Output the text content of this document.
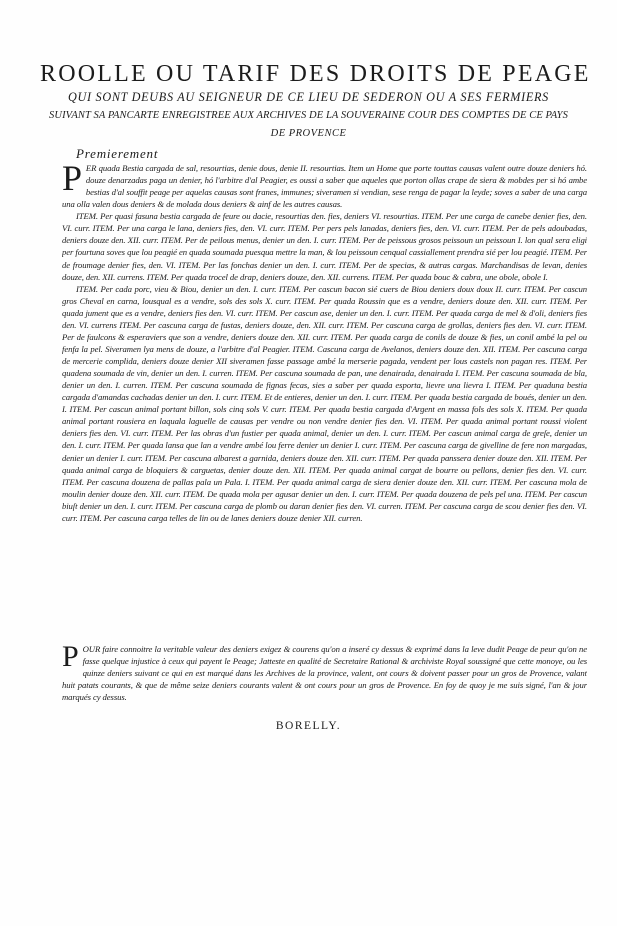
ROOLLE OU TARIF DES DROITS DE PEAGE
QUI SONT DEUBS AU SEIGNEUR DE CE LIEU DE SEDERON OU A SES FERMIERS
SUIVANT SA PANCARTE ENREGISTREE AUX ARCHIVES DE LA SOUVERAINE COUR DES COMPTES DE CE PAYS
DE PROVENCE
Premierement

PER quada Bestia cargada de sal, resourtias, denie dous, denie II. resourtias. Item un Home que porte touttas causas valent outre douze deniers hó. douze denarzadas paga un denier, hó l'arbitre d'al Peagier, es oussi a saber que aqueles que porton ollas crape de siera & mobdes per si hó ambe bestias d'al souffit peage per aquelas causas sont franes, immunes; siveramen si vendian, sese renga de pagar la leyde; soves a saber de una carga una olla valen dous deniers & de molada dous deniers & ainf de les autres causas.

ITEM. Per quasi fasuna bestia cargada de feure ou dacie, resourtias den. fies, deniers VI. resourtias. ITEM. Per une carga de canebe denier fies, den. VI. curr. ITEM. Per una carga le lana, deniers fies, den. VI. curr. ITEM. Per pers pels lanadas, deniers fies, den. VI. curr. ITEM. Per de pels adoubadas, deniers douze den. XII. curr. ITEM. Per de peilous menus, denier un den. I. curr. ITEM. Per de peissous grosos peissoun un peissoun I. lon qual sera eligi per fourtuna soves que lou peagié en quada soumada puesqua mettre la man, & lou peissoun cenqual cassiallement prendra sié per lou peagié. ITEM. Per de froumage denier fies, den. VI. ITEM. Per las fonchas denier un den. I. curr. ITEM. Per de specias, & autras cargas. Marchandisas de levan, denies douze, den. XII. currens. ITEM. Per quada trocel de drap, deniers douze, den. XII. currens. ITEM. Per quada bouc & cabra, une obole, obole I.

ITEM. Per cada porc, vieu & Biou, denier un den. I. curr. ITEM. Per cascun bacon sié cuers de Biou deniers doux doux II. curr. ITEM. Per cascun gros Cheval en carna, lousqual es a vendre, sols des sols X. curr. ITEM. Per quada Roussin que es a vendre, deniers douze den. XII. curr. ITEM. Per quada jument que es a vendre, deniers fies den. VI. curr. ITEM. Per cascun ase, denier un den. I. curr. ITEM. Per quada carga de mel & d'oli, deniers fies den. VI. currens ITEM. Per cascuna carga de fustas, deniers douze, den. XII. curr. ITEM. Per cascuna carga de grollas, deniers fies den. VI. curr. ITEM. Per de faulcons & esperaviers que son a vendre, deniers douze den. XII. curr. ITEM. Per quada carga de conils de douze & fies, un conil ambé la pel ou fenfa la pel. Siveramen lya mens de douze, a l'arbitre d'al Peagier. ITEM. Cascuna carga de Avelanos, deniers douze den. XII. ITEM. Per cascuna carga de mercerie complida, deniers douze denier XII siveramen fasse passage ambé la merserie pagada, vendent per lous castels non pagan res. ITEM. Per quadena soumada de vin, denier un den. I. curren. ITEM. Per cascuna soumada de pan, une denairada, denairada I. ITEM. Per cascuna soumada de bla, denier un den. I. curren. ITEM. Per cascuna soumada de fignas fecas, sies a saber per quada esporta, lievre una lievra I. ITEM. Per quaduna bestia cargada d'amandas cachadas denier un den. I. curr. ITEM. Et de entieres, denier un den. I. curr. ITEM. Per quada bestia cargada de boués, denier un den. I. ITEM. Per cascun animal portant billon, sols cinq sols V. curr. ITEM. Per quada bestia cargada d'Argent en massa fols des sols X. ITEM. Per quada animal portant rousiera en laquala laguelle de causas per vendre ou non vendre denier fies den. VI. ITEM. Per quada animal portant roussi violent deniers fies den. VI. curr. ITEM. Per las obras d'un fustier per quada animal, denier un den. I. curr. ITEM. Per cascun animal carga de greſe, denier un den. I. curr. ITEM. Per quada lansa que lan a vendre ambé lou ferre denier un denier I. curr. ITEM. Per cascuna carga de givelline de fere non margadas, denier un denier I. curr. ITEM. Per cascuna albarest a garnida, deniers douze den. XII. curr. ITEM. Per quada panssera denier douze den. XII. ITEM. Per quada animal carga de bloquiers & carguetas, denier douze den. XII. ITEM. Per quada animal cargat de bourre ou pellons, denier fies den. VI. curr. ITEM. Per cascuna douzena de pallas pala un Pala. I. ITEM. Per quada animal carga de siera denier douze den. XII. curr. ITEM. Per cascuna mola de moulin denier douze den. XII. curr. ITEM. De quada mola per agusar denier un den. I. curr. ITEM. Per quada douzena de pels pel una. ITEM. Per cascun biuſt denier un den. I. curr. ITEM. Per cascuna carga de plomb ou daran denier fies den. VI. curren. ITEM. Per cascuna carga de scou denier fies den. VI. curr. ITEM. Per cascuna carga telles de lin ou de lanes deniers douze denier XII. curren.

POUR faire connoitre la veritable valeur des deniers exigez & courens qu'on a inseré cy dessus & exprimé dans la leve dudit Peage de peur qu'on ne fasse quelque injustice à ceux qui payent le Peage; Jatteste en qualité de Secretaire Rational & archiviste Royal soussigné que cette monoye, ou les quinze deniers suivant ce qui en est marqué dans les Archives de la province, valent, ont cours & doivent passer pour un gros de Provence, valant huit patats courants, & que de même seize deniers courants valent & ont cours pour un gros de Provence. En foy de quoy je me suis signé, l'an & jour marqués cy dessus.

BORELLY.
